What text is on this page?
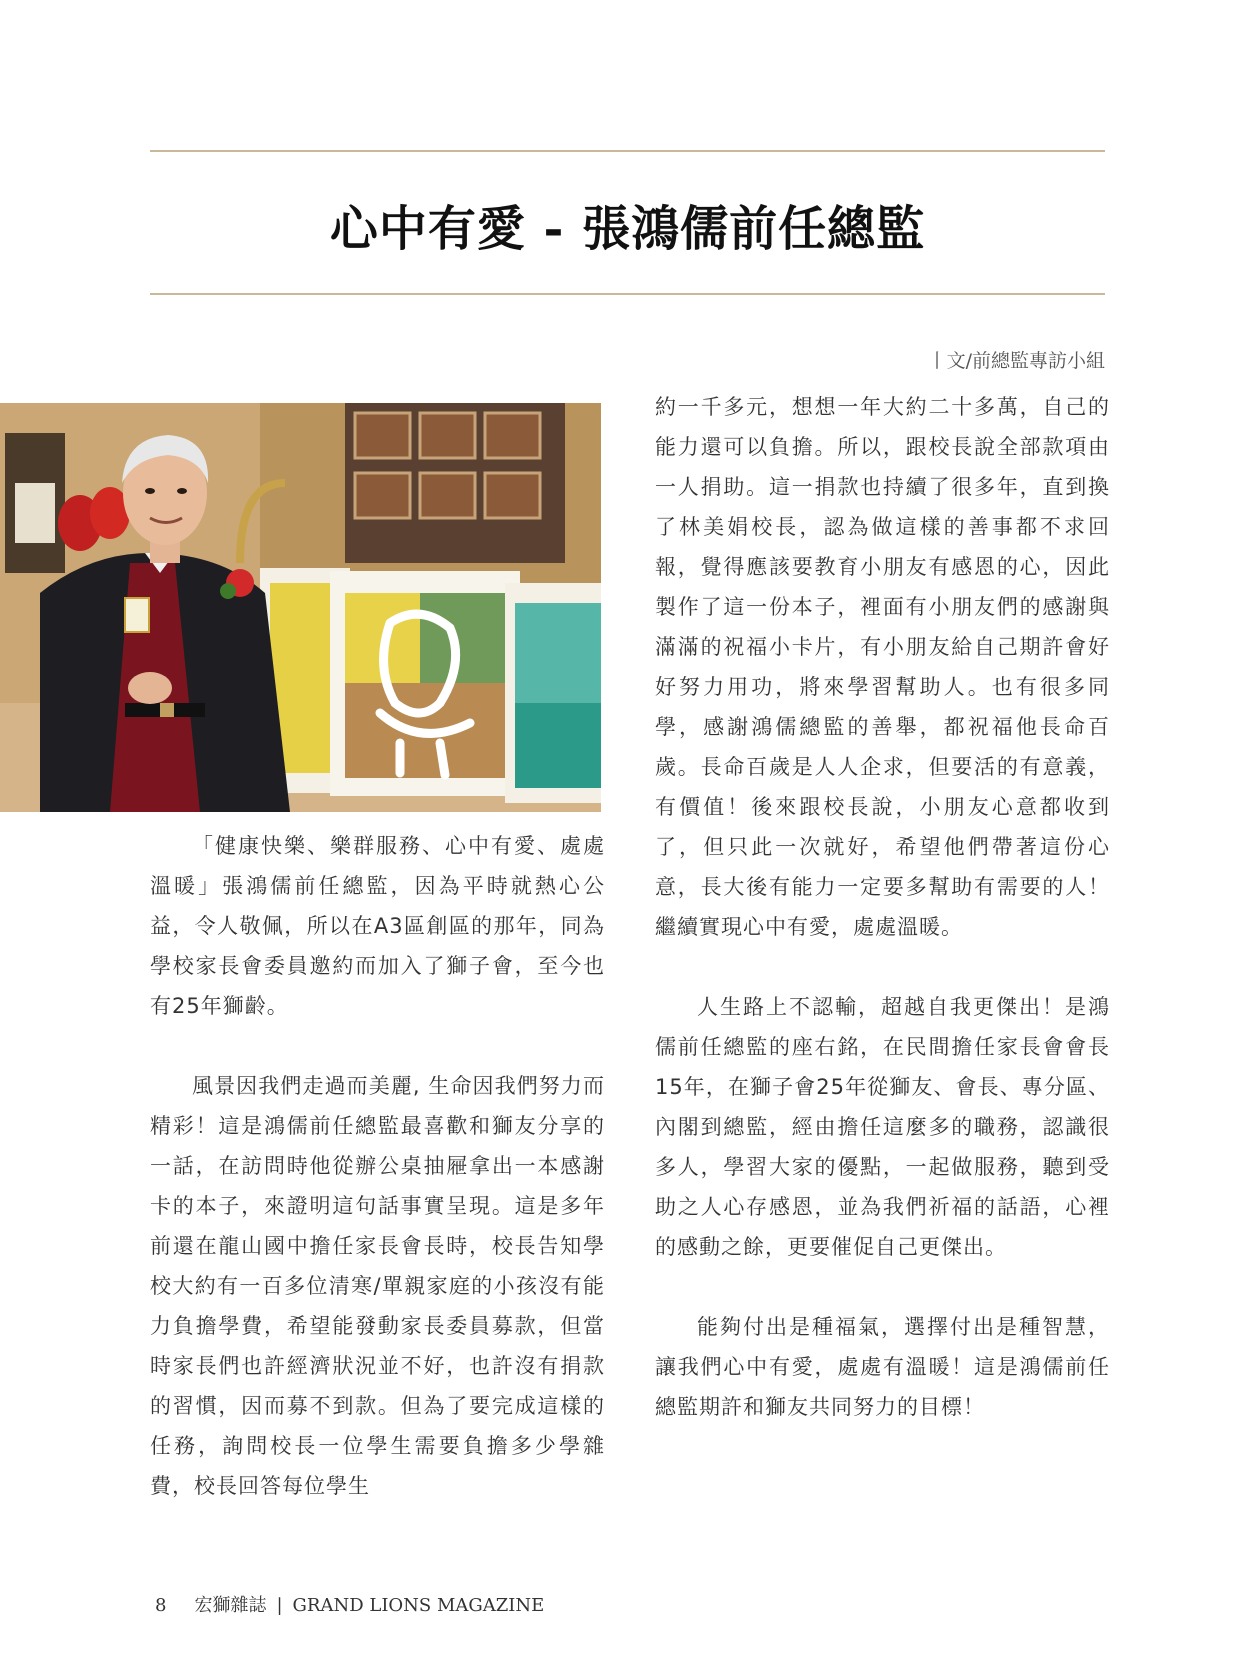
心中有愛 - 張鴻儒前任總監
丨文/前總監專訪小組

「健康快樂、樂群服務、心中有愛、處處溫暖」張鴻儒前任總監，因為平時就熱心公益，令人敬佩，所以在A3區創區的那年，同為學校家長會委員邀約而加入了獅子會，至今也有25年獅齡。

風景因我們走過而美麗, 生命因我們努力而精彩！這是鴻儒前任總監最喜歡和獅友分享的一話，在訪問時他從辦公桌抽屜拿出一本感謝卡的本子，來證明這句話事實呈現。這是多年前還在龍山國中擔任家長會長時，校長告知學校大約有一百多位清寒/單親家庭的小孩沒有能力負擔學費，希望能發動家長委員募款，但當時家長們也許經濟狀況並不好，也許沒有捐款的習慣，因而募不到款。但為了要完成這樣的任務，詢問校長一位學生需要負擔多少學雜費，校長回答每位學生

約一千多元，想想一年大約二十多萬，自己的能力還可以負擔。所以，跟校長說全部款項由一人捐助。這一捐款也持續了很多年，直到換了林美娟校長，認為做這樣的善事都不求回報，覺得應該要教育小朋友有感恩的心，因此製作了這一份本子，裡面有小朋友們的感謝與滿滿的祝福小卡片，有小朋友給自己期許會好好努力用功，將來學習幫助人。也有很多同學，感謝鴻儒總監的善舉，都祝福他長命百歲。長命百歲是人人企求，但要活的有意義，有價值！後來跟校長說，小朋友心意都收到了，但只此一次就好，希望他們帶著這份心意，長大後有能力一定要多幫助有需要的人！繼續實現心中有愛，處處溫暖。

人生路上不認輸，超越自我更傑出！是鴻儒前任總監的座右銘，在民間擔任家長會會長15年，在獅子會25年從獅友、會長、專分區、內閣到總監，經由擔任這麼多的職務，認識很多人，學習大家的優點，一起做服務，聽到受助之人心存感恩，並為我們祈福的話語，心裡的感動之餘，更要催促自己更傑出。

能夠付出是種福氣，選擇付出是種智慧，讓我們心中有愛，處處有溫暖！這是鴻儒前任總監期許和獅友共同努力的目標！

8 宏獅雜誌 | GRAND LIONS MAGAZINE
